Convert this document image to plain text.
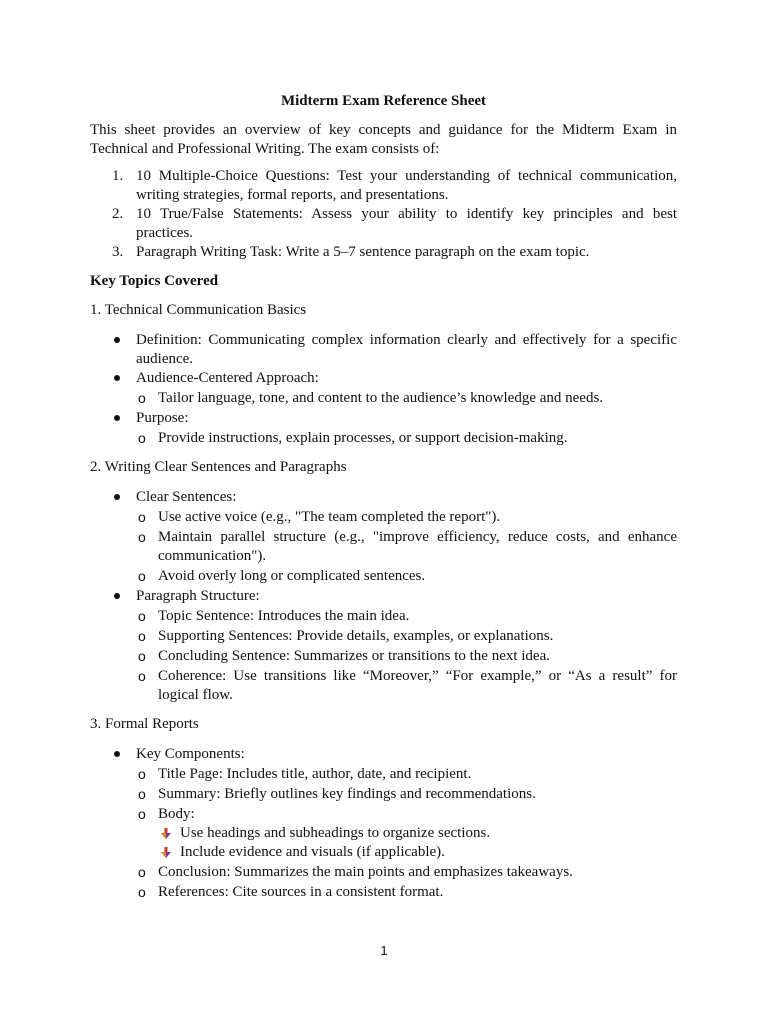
Midterm Exam Reference Sheet
This sheet provides an overview of key concepts and guidance for the Midterm Exam in Technical and Professional Writing. The exam consists of:
1. 10 Multiple-Choice Questions: Test your understanding of technical communication, writing strategies, formal reports, and presentations.
2. 10 True/False Statements: Assess your ability to identify key principles and best practices.
3. Paragraph Writing Task: Write a 5–7 sentence paragraph on the exam topic.
Key Topics Covered
1. Technical Communication Basics
Definition: Communicating complex information clearly and effectively for a specific audience.
Audience-Centered Approach:
o Tailor language, tone, and content to the audience’s knowledge and needs.
Purpose:
o Provide instructions, explain processes, or support decision-making.
2. Writing Clear Sentences and Paragraphs
Clear Sentences:
o Use active voice (e.g., "The team completed the report").
o Maintain parallel structure (e.g., "improve efficiency, reduce costs, and enhance communication").
o Avoid overly long or complicated sentences.
Paragraph Structure:
o Topic Sentence: Introduces the main idea.
o Supporting Sentences: Provide details, examples, or explanations.
o Concluding Sentence: Summarizes or transitions to the next idea.
o Coherence: Use transitions like “Moreover,” “For example,” or “As a result” for logical flow.
3. Formal Reports
Key Components:
o Title Page: Includes title, author, date, and recipient.
o Summary: Briefly outlines key findings and recommendations.
o Body:
Use headings and subheadings to organize sections.
Include evidence and visuals (if applicable).
o Conclusion: Summarizes the main points and emphasizes takeaways.
o References: Cite sources in a consistent format.
1
